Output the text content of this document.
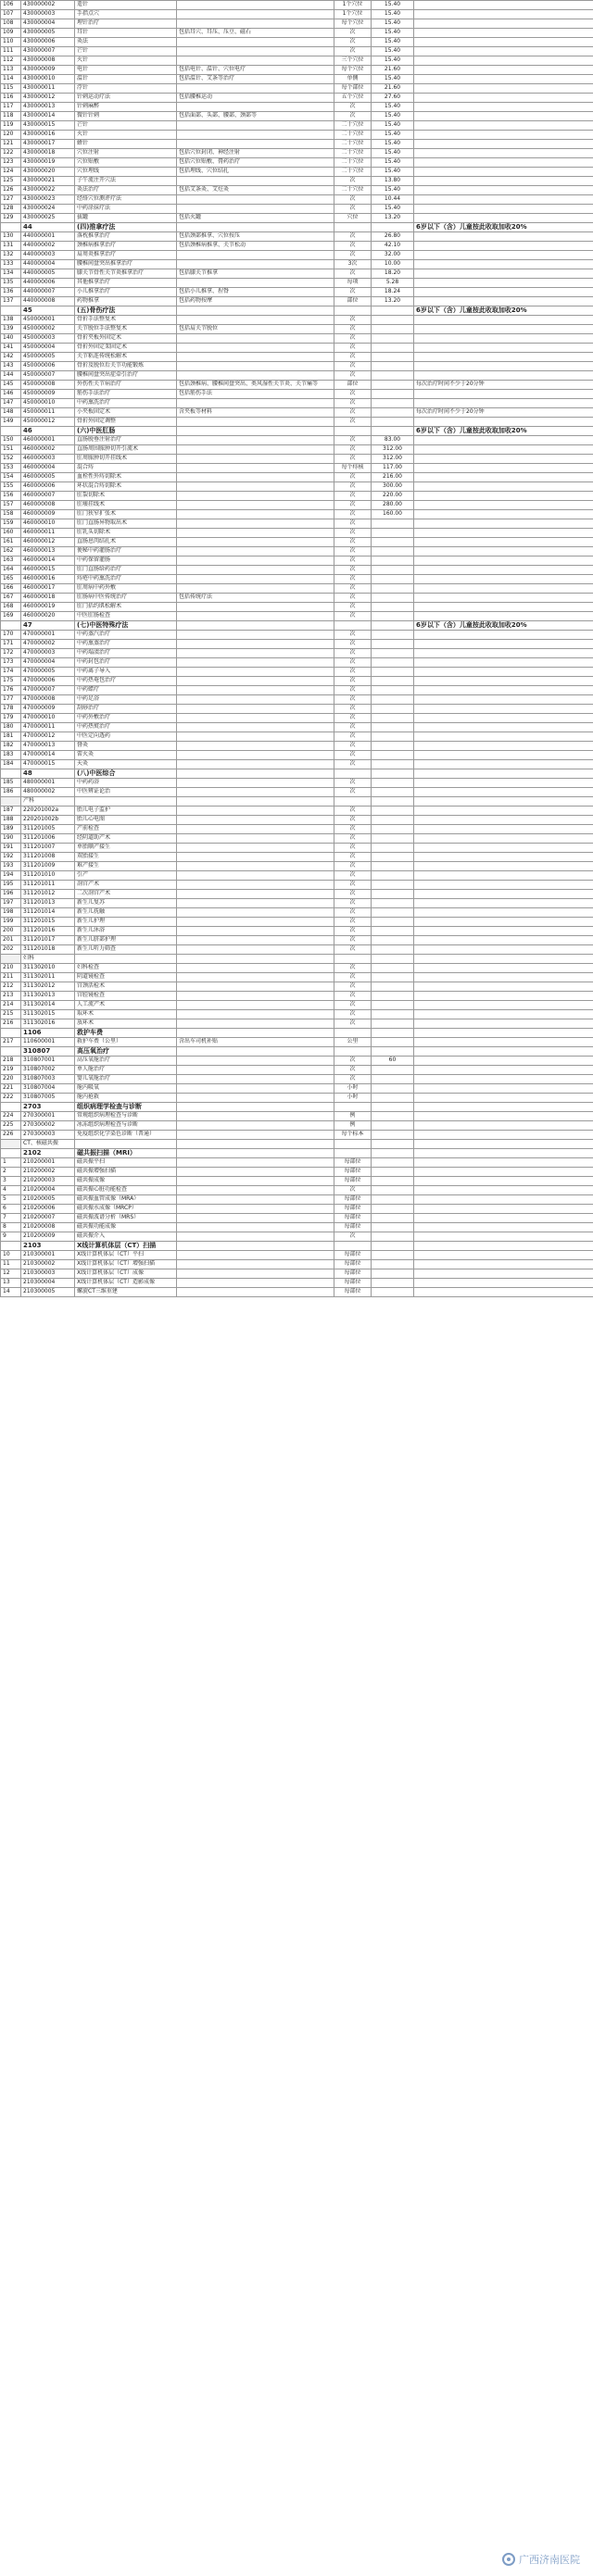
106	430000002	遥针		1个穴位	15.40	
107	430000003	手指点穴		1个穴位	15.40	
108	430000004	埋针治疗		每个穴位	15.40	
109	430000005	耳针	包括耳穴、耳压、压豆、磁石	次	15.40	
110	430000006	灸法		次	15.40	
111	430000007	芒针		次	15.40	
112	430000008	火针		三个穴位	15.40	
113	430000009	电针	包括电针、温针、穴位电疗	每个穴位	21.60	
114	430000010	温针	包括温针、艾条等治疗	单侧	15.40	
115	430000011	浮针		每个部位	21.60	
116	430000012	针刺运动疗法	包括腰椎运动	五个穴位	27.60	
117	430000013	针刺麻醉		次	15.40	
118	430000014	微针针刺	包括面部、头部、腰部、颈部等	次	15.40	
119	430000015	芒针		二十穴位	15.40	
120	430000016	火针		二十穴位	15.40	
121	430000017	蜂针		二十穴位	15.40	
122	430000018	穴位注射	包括穴位封闭、神经注射	二十穴位	15.40	
123	430000019	穴位贴敷	包括穴位贴敷、膏药治疗	二十穴位	15.40	
124	430000020	穴位埋线	包括埋线、穴位结扎	二十穴位	15.40	
125	430000021	子午流注开穴法		次	13.80	
126	430000022	灸法治疗	包括艾条灸、艾炷灸	二十穴位	15.40	
127	430000023	经络穴位测评疗法		次	10.44	
128	430000024	中药涂抹疗法		次	15.40	
129	430000025	拔罐	包括火罐	穴位	13.20	
	44	(四)推拿疗法				6岁以下（含）儿童按此收取加收20%
130	440000001	落枕推拿治疗	包括颈部推拿、穴位按压	次	26.80	
131	440000002	颈椎病推拿治疗	包括颈椎病推拿、关节松动	次	42.10	
132	440000003	肩周炎推拿治疗		次	32.00	
133	440000004	腰椎间盘突出推拿治疗		3次	10.00	
134	440000005	膝关节骨性关节炎推拿治疗	包括膝关节推拿	次	18.20	
135	440000006	其他推拿治疗		每项	5.28	
136	440000007	小儿推拿治疗	包括小儿推拿、捏脊	次	18.24	
137	440000008	药物推拿	包括药物按摩	部位	13.20	
	45	(五)骨伤疗法				6岁以下（含）儿童按此收取加收20%
138	450000001	骨折手法整复术		次		
139	450000002	关节脱位手法整复术	包括肩关节脱位	次		
140	450000003	骨折夹板外固定术		次		
141	450000004	骨折外固定架固定术		次		
142	450000005	关节粘连传统松解术		次		
143	450000006	骨折及脱位后关节功能锻炼		次		
144	450000007	腰椎间盘突出症牵引治疗		次		
145	450000008	外伤性关节病治疗	包括颈椎病、腰椎间盘突出、类风湿性关节炎、关节痛等	部位		每次治疗时间不少于20分钟
146	450000009	筋伤手法治疗	包括筋伤手法	次		
147	450000010	中药熏洗治疗		次		
148	450000011	小夹板固定术	含夹板等材料	次		每次治疗时间不少于20分钟
149	450000012	骨折外固定调整		次		
	46	(六)中医肛肠				6岁以下（含）儿童按此收取加收20%
150	460000001	直肠脱垂注射治疗		次	83.00	
151	460000002	直肠周围脓肿切开引流术		次	312.00	
152	460000003	肛周脓肿切开挂线术		次	312.00	
153	460000004	混合痔		每个痔核	117.00	
154	460000005	血栓性外痔切除术		次	216.00	
155	460000006	环状混合痔切除术		次	300.00	
156	460000007	肛裂切除术		次	220.00	
157	460000008	肛瘘挂线术		次	280.00	
158	460000009	肛门狭窄扩张术		次	160.00	
159	460000010	肛门直肠异物取出术		次		
160	460000011	肛乳头切除术		次		
161	460000012	直肠息肉结扎术		次		
162	460000013	便秘中药灌肠治疗		次		
163	460000014	中药保留灌肠		次		
164	460000015	肛门直肠给药治疗		次		
165	460000016	痔疮中药熏洗治疗		次		
166	460000017	肛周病中药外敷		次		
167	460000018	肛肠病中医传统治疗	包括传统疗法	次		
168	460000019	肛门括约肌松解术		次		
169	460000020	中医肛肠检查		次		
	47	(七)中医特殊疗法				6岁以下（含）儿童按此收取加收20%
170	470000001	中药蒸汽治疗		次		
171	470000002	中药熏蒸治疗		次		
172	470000003	中药塌渍治疗		次		
173	470000004	中药封包治疗		次		
174	470000005	中药离子导入		次		
175	470000006	中药热奄包治疗		次		
176	470000007	中药蜡疗		次		
177	470000008	中药足浴		次		
178	470000009	刮痧治疗		次		
179	470000010	中药外敷治疗		次		
180	470000011	中药热熨治疗		次		
181	470000012	中医定向透药		次		
182	470000013	督灸		次		
183	470000014	雷火灸		次		
184	470000015	天灸		次		
	48	(八)中医综合				
185	480000001	中药药浴		次		
186	480000002	中医辨证论治		次		
	产科					
187	220201002a	胎儿电子监护		次		
188	220201002b	胎儿心电图		次		
189	311201005	产前检查		次		
190	311201006	经阴道助产术		次		
191	311201007	单胎顺产接生		次		
192	311201008	双胎接生		次		
193	311201009	难产接生		次		
194	311201010	引产		次		
195	311201011	剖宫产术		次		
196	311201012	二次剖宫产术		次		
197	311201013	新生儿复苏		次		
198	311201014	新生儿抚触		次		
199	311201015	新生儿护理		次		
200	311201016	新生儿沐浴		次		
201	311201017	新生儿脐部护理		次		
202	311201018	新生儿听力筛查		次		
	妇科					
210	311302010	妇科检查		次		
211	311302011	阴道镜检查		次		
212	311302012	宫颈活检术		次		
213	311302013	宫腔镜检查		次		
214	311302014	人工流产术		次		
215	311302015	取环术		次		
216	311302016	放环术		次		
	1106	救护车费				
217	110600001	救护车费（公里）	含出车司机补贴	公里		
	310807	高压氧治疗				
218	310807001	高压氧舱治疗		次	60	
219	310807002	单人舱治疗		次		
220	310807003	婴儿氧舱治疗		次		
221	310807004	舱内吸氧		小时		
222	310807005	舱内抢救		小时		
	2703	组织病理学检查与诊断				
224	270300001	常规组织病理检查与诊断		例		
225	270300002	冰冻组织病理检查与诊断		例		
226	270300003	免疫组织化学染色诊断（普通）		每个标本		
	CT、核磁共振					
	2102	磁共振扫描（MRI）				
1	210200001	磁共振平扫		每部位		
2	210200002	磁共振增强扫描		每部位		
3	210200003	磁共振成像		每部位		
4	210200004	磁共振心脏功能检查		次		
5	210200005	磁共振血管成像（MRA）		每部位		
6	210200006	磁共振水成像（MRCP）		每部位		
7	210200007	磁共振波谱分析（MRS）		每部位		
8	210200008	磁共振功能成像		每部位		
9	210200009	磁共振介入		次		
	2103	X线计算机体层（CT）扫描				
10	210300001	X线计算机体层（CT）平扫		每部位		
11	210300002	X线计算机体层（CT）增强扫描		每部位		
12	210300003	X线计算机体层（CT）成像		每部位		
13	210300004	X线计算机体层（CT）造影成像		每部位		
14	210300005	螺旋CT三维重建		每部位		
广西济南医院
